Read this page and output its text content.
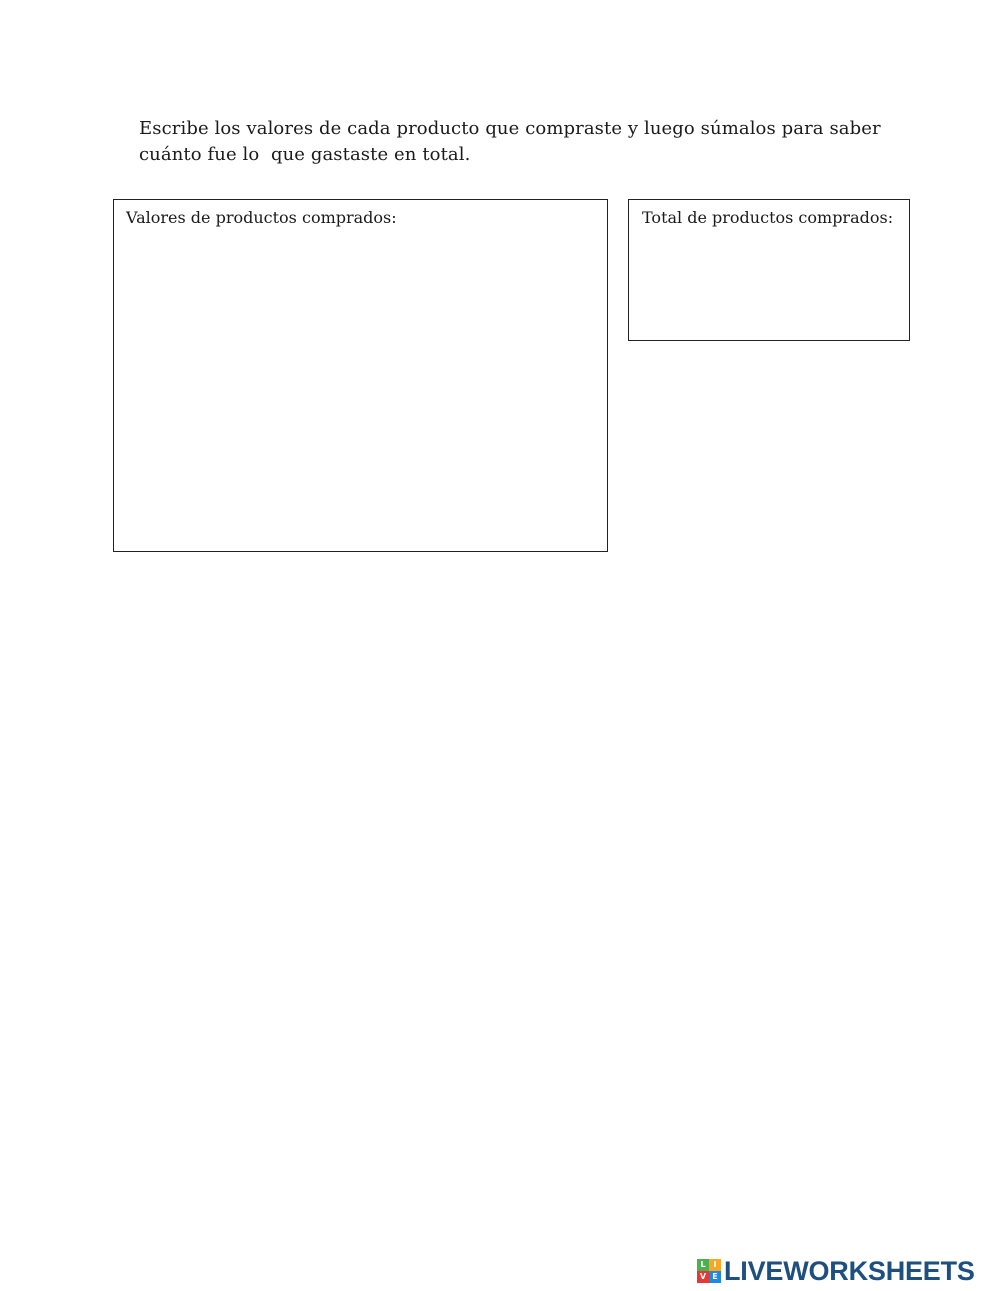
Escribe los valores de cada producto que compraste y luego súmalos para saber
cuánto fue lo  que gastaste en total.
Valores de productos comprados:	Total de productos comprados:
L I
V E LIVEWORKSHEETS
